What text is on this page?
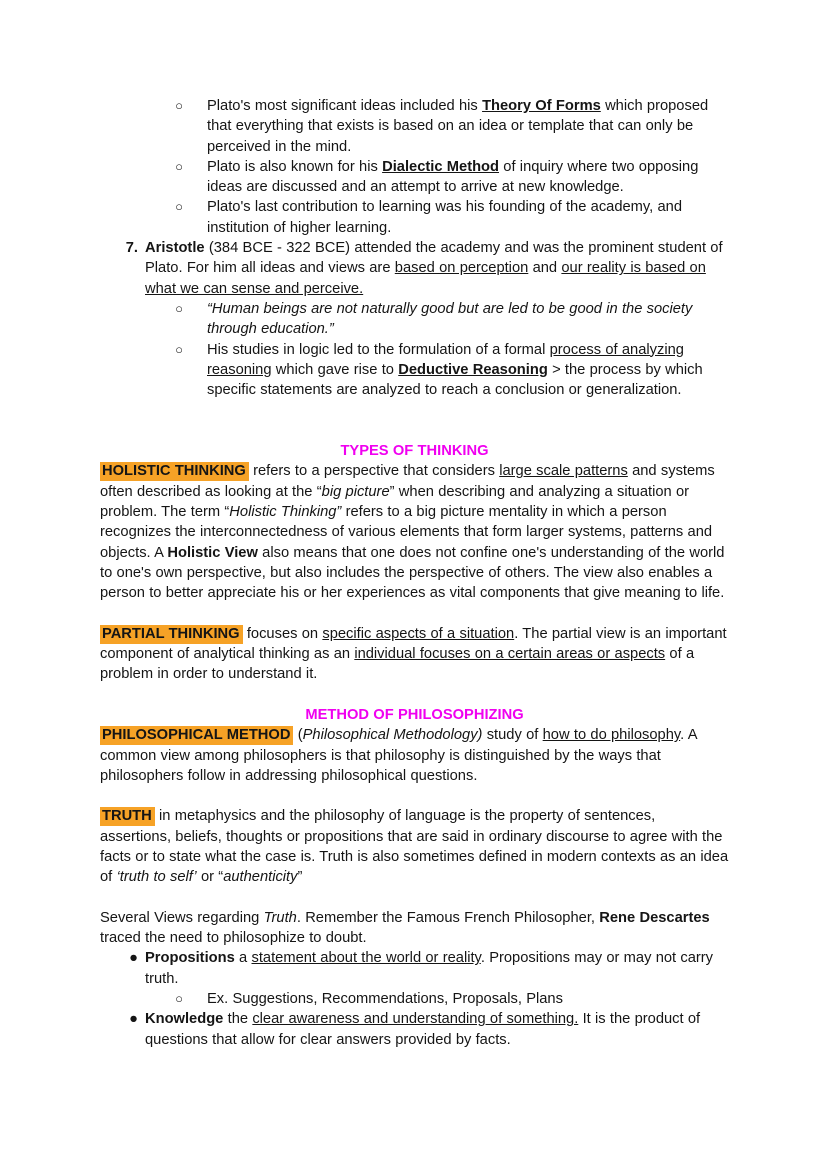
○	Plato's most significant ideas included his Theory Of Forms which proposed that everything that exists is based on an idea or template that can only be perceived in the mind.
○	Plato is also known for his Dialectic Method of inquiry where two opposing ideas are discussed and an attempt to arrive at new knowledge.
○	Plato's last contribution to learning was his founding of the academy, and institution of higher learning.
7. Aristotle (384 BCE - 322 BCE) attended the academy and was the prominent student of Plato. For him all ideas and views are based on perception and our reality is based on what we can sense and perceive.
○	“Human beings are not naturally good but are led to be good in the society through education.”
○	His studies in logic led to the formulation of a formal process of analyzing reasoning which gave rise to Deductive Reasoning > the process by which specific statements are analyzed to reach a conclusion or generalization.
TYPES OF THINKING
HOLISTIC THINKING refers to a perspective that considers large scale patterns and systems often described as looking at the “big picture” when describing and analyzing a situation or problem. The term “Holistic Thinking” refers to a big picture mentality in which a person recognizes the interconnectedness of various elements that form larger systems, patterns and objects. A Holistic View also means that one does not confine one's understanding of the world to one's own perspective, but also includes the perspective of others. The view also enables a person to better appreciate his or her experiences as vital components that give meaning to life.
PARTIAL THINKING focuses on specific aspects of a situation. The partial view is an important component of analytical thinking as an individual focuses on a certain areas or aspects of a problem in order to understand it.
METHOD OF PHILOSOPHIZING
PHILOSOPHICAL METHOD (Philosophical Methodology) study of how to do philosophy. A common view among philosophers is that philosophy is distinguished by the ways that philosophers follow in addressing philosophical questions.
TRUTH in metaphysics and the philosophy of language is the property of sentences, assertions, beliefs, thoughts or propositions that are said in ordinary discourse to agree with the facts or to state what the case is. Truth is also sometimes defined in modern contexts as an idea of ‘truth to self’ or “authenticity”
Several Views regarding Truth. Remember the Famous French Philosopher, Rene Descartes traced the need to philosophize to doubt.
● Propositions a statement about the world or reality. Propositions may or may not carry truth.
○	Ex. Suggestions, Recommendations, Proposals, Plans
● Knowledge the clear awareness and understanding of something. It is the product of questions that allow for clear answers provided by facts.
